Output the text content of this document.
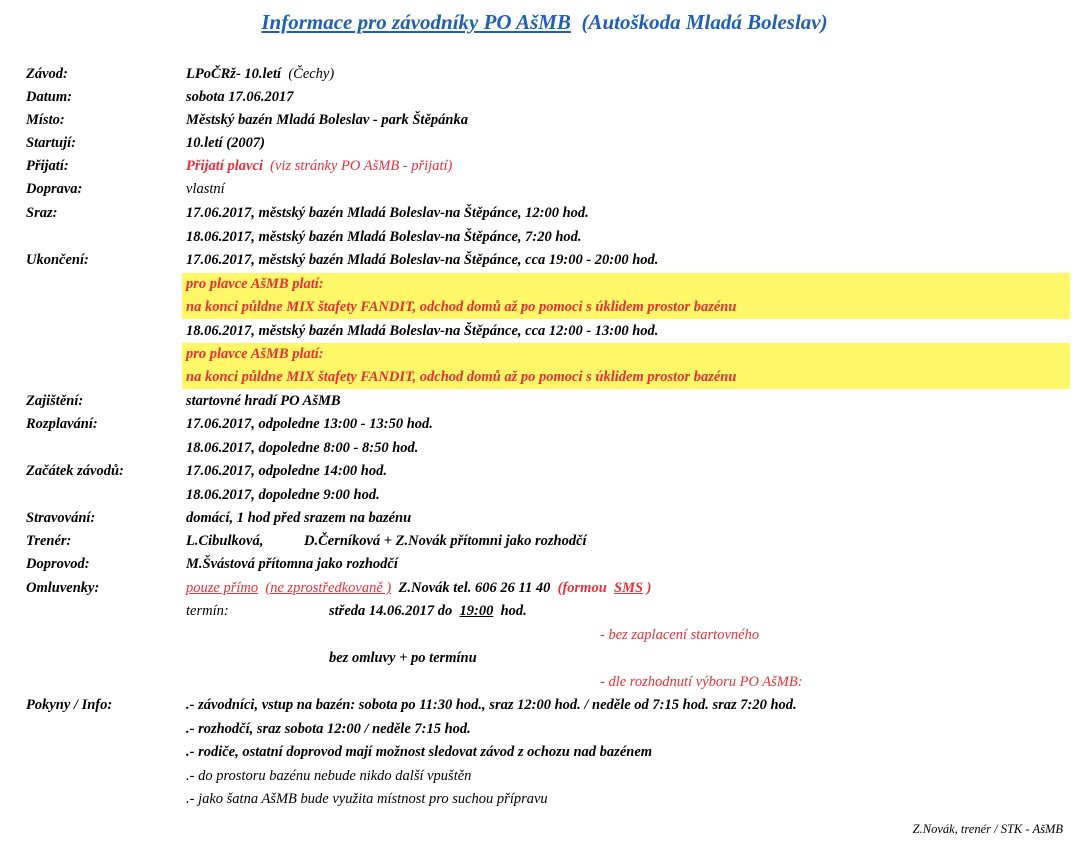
Informace pro závodníky PO AšMB (Autoškoda Mladá Boleslav)
Závod:	LPoČRž- 10.letí (Čechy)
Datum:	sobota 17.06.2017
Místo:	Městský bazén Mladá Boleslav - park Štěpánka
Startují:	10.letí (2007)
Přijatí:	Přijatí plavci (viz stránky PO AšMB - přijatí)
Doprava:	vlastní
Sraz:	17.06.2017, městský bazén Mladá Boleslav-na Štěpánce, 12:00 hod.
18.06.2017, městský bazén Mladá Boleslav-na Štěpánce, 7:20 hod.
Ukončení:	17.06.2017, městský bazén Mladá Boleslav-na Štěpánce, cca 19:00 - 20:00 hod.
pro plavce AšMB platí:
na konci půldne MIX štafety FANDIT, odchod domů až po pomoci s úklidem prostor bazénu
18.06.2017, městský bazén Mladá Boleslav-na Štěpánce, cca 12:00 - 13:00 hod.
pro plavce AšMB platí:
na konci půldne MIX štafety FANDIT, odchod domů až po pomoci s úklidem prostor bazénu
Zajištění:	startovné hradí PO AšMB
Rozplavání:	17.06.2017, odpoledne 13:00 - 13:50 hod.
18.06.2017, dopoledne 8:00 - 8:50 hod.
Začátek závodů:	17.06.2017, odpoledne 14:00 hod.
18.06.2017, dopoledne 9:00 hod.
Stravování:	domácí, 1 hod před srazem na bazénu
Trenér:	L.Cibulková,	D.Černíková + Z.Novák přítomni jako rozhodčí
Doprovod:	M.Švástová přítomna jako rozhodčí
Omluvenky:	pouze přímo (ne zprostředkovaně ) Z.Novák tel. 606 26 11 40 (formou SMS )
termín:	středa 14.06.2017 do 19:00 hod.
- bez zaplacení startovného
bez omluvy + po termínu
- dle rozhodnutí výboru PO AšMB:
Pokyny / Info:	.- závodníci, vstup na bazén: sobota po 11:30 hod., sraz 12:00 hod. / neděle od 7:15 hod. sraz 7:20 hod.
.- rozhodčí, sraz sobota 12:00 / neděle 7:15 hod.
.- rodiče, ostatní doprovod mají možnost sledovat závod z ochozu nad bazénem
.- do prostoru bazénu nebude nikdo další vpuštěn
.- jako šatna AšMB bude využita místnost pro suchou přípravu
Z.Novák, trenér / STK - AšMB
